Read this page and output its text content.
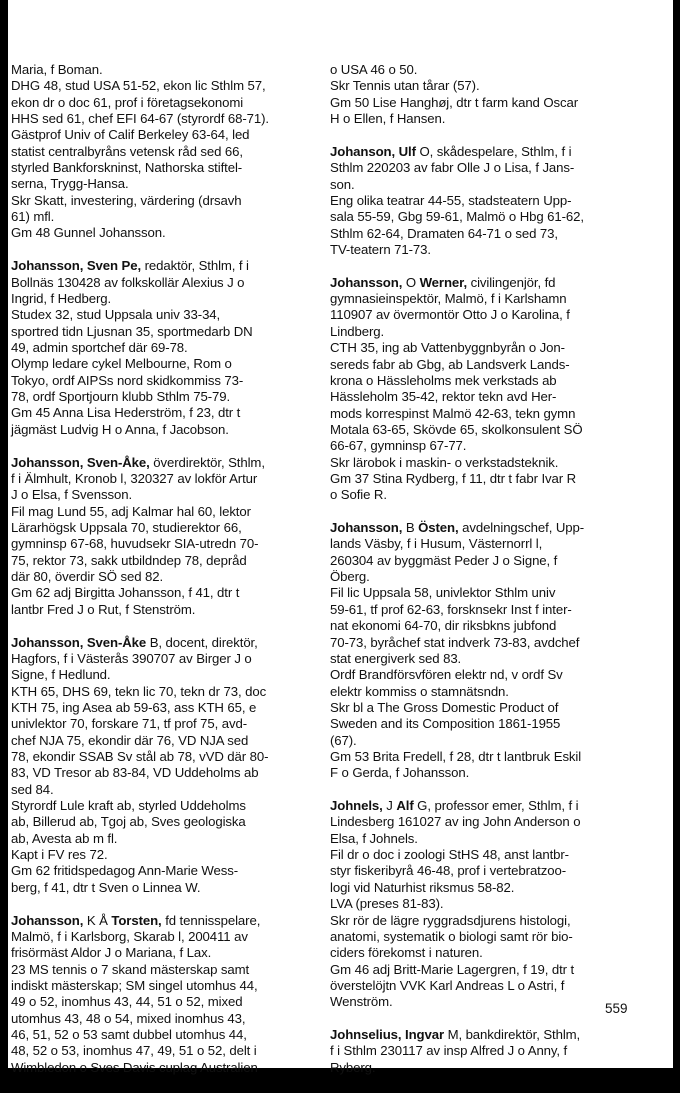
Maria, f Boman.
DHG 48, stud USA 51-52, ekon lic Sthlm 57,
ekon dr o doc 61, prof i företagsekonomi
HHS sed 61, chef EFI 64-67 (styrordf 68-71).
Gästprof Univ of Calif Berkeley 63-64, led
statist centralbyråns vetensk råd sed 66,
styrled Bankforskninst, Nathorska stiftel-
serna, Trygg-Hansa.
Skr Skatt, investering, värdering (drsavh
61) mfl.
Gm 48 Gunnel Johansson.
Johansson, Sven Pe, redaktör, Sthlm, f i
Bollnäs 130428 av folkskollär Alexius J o
Ingrid, f Hedberg.
Studex 32, stud Uppsala univ 33-34,
sportred tidn Ljusnan 35, sportmedarb DN
49, admin sportchef där 69-78.
Olymp ledare cykel Melbourne, Rom o
Tokyo, ordf AIPSs nord skidkommiss 73-
78, ordf Sportjourn klubb Sthlm 75-79.
Gm 45 Anna Lisa Hederström, f 23, dtr t
jägmäst Ludvig H o Anna, f Jacobson.
Johansson, Sven-Åke, överdirektör, Sthlm,
f i Älmhult, Kronob l, 320327 av lokför Artur
J o Elsa, f Svensson.
Fil mag Lund 55, adj Kalmar hal 60, lektor
Lärarhögsk Uppsala 70, studierektor 66,
gymninsp 67-68, huvudsekr SIA-utredn 70-
75, rektor 73, sakk utbildndep 78, depråd
där 80, överdir SÖ sed 82.
Gm 62 adj Birgitta Johansson, f 41, dtr t
lantbr Fred J o Rut, f Stenström.
Johansson, Sven-Åke B, docent, direktör,
Hagfors, f i Västerås 390707 av Birger J o
Signe, f Hedlund.
KTH 65, DHS 69, tekn lic 70, tekn dr 73, doc
KTH 75, ing Asea ab 59-63, ass KTH 65, e
univlektor 70, forskare 71, tf prof 75, avd-
chef NJA 75, ekondir där 76, VD NJA sed
78, ekondir SSAB Sv stål ab 78, vVD där 80-
83, VD Tresor ab 83-84, VD Uddeholms ab
sed 84.
Styrordf Lule kraft ab, styrled Uddeholms
ab, Billerud ab, Tgoj ab, Sves geologiska
ab, Avesta ab m fl.
Kapt i FV res 72.
Gm 62 fritidspedagog Ann-Marie Wess-
berg, f 41, dtr t Sven o Linnea W.
Johansson, K Å Torsten, fd tennisspelare,
Malmö, f i Karlsborg, Skarab l, 200411 av
frisörmäst Aldor J o Mariana, f Lax.
23 MS tennis o 7 skand mästerskap samt
indiskt mästerskap; SM singel utomhus 44,
49 o 52, inomhus 43, 44, 51 o 52, mixed
utomhus 43, 48 o 54, mixed inomhus 43,
46, 51, 52 o 53 samt dubbel utomhus 44,
48, 52 o 53, inomhus 47, 49, 51 o 52, delt i
Wimbledon o Sves Davis cuplag Australien
o USA 46 o 50.
Skr Tennis utan tårar (57).
Gm 50 Lise Hanghøj, dtr t farm kand Oscar
H o Ellen, f Hansen.
Johanson, Ulf O, skådespelare, Sthlm, f i
Sthlm 220203 av fabr Olle J o Lisa, f Jans-
son.
Eng olika teatrar 44-55, stadsteatern Upp-
sala 55-59, Gbg 59-61, Malmö o Hbg 61-62,
Sthlm 62-64, Dramaten 64-71 o sed 73,
TV-teatern 71-73.
Johansson, O Werner, civilingenjör, fd
gymnasieinspektör, Malmö, f i Karlshamn
110907 av övermontör Otto J o Karolina, f
Lindberg.
CTH 35, ing ab Vattenbyggnbyrån o Jon-
sereds fabr ab Gbg, ab Landsverk Lands-
krona o Hässleholms mek verkstads ab
Hässleholm 35-42, rektor tekn avd Her-
mods korrespinst Malmö 42-63, tekn gymn
Motala 63-65, Skövde 65, skolkonsulent SÖ
66-67, gymninsp 67-77.
Skr lärobok i maskin- o verkstadsteknik.
Gm 37 Stina Rydberg, f 11, dtr t fabr Ivar R
o Sofie R.
Johansson, B Östen, avdelningschef, Upp-
lands Väsby, f i Husum, Västernorrl l,
260304 av byggmäst Peder J o Signe, f
Öberg.
Fil lic Uppsala 58, univlektor Sthlm univ
59-61, tf prof 62-63, forsknsekr Inst f inter-
nat ekonomi 64-70, dir riksbkns jubfond
70-73, byråchef stat indverk 73-83, avdchef
stat energiverk sed 83.
Ordf Brandförsvfören elektr nd, v ordf Sv
elektr kommiss o stamnätsndn.
Skr bl a The Gross Domestic Product of
Sweden and its Composition 1861-1955
(67).
Gm 53 Brita Fredell, f 28, dtr t lantbruk Eskil
F o Gerda, f Johansson.
Johnels, J Alf G, professor emer, Sthlm, f i
Lindesberg 161027 av ing John Anderson o
Elsa, f Johnels.
Fil dr o doc i zoologi StHS 48, anst lantbr-
styr fiskeribyrå 46-48, prof i vertebratzoo-
logi vid Naturhist riksmus 58-82.
LVA (preses 81-83).
Skr rör de lägre ryggradsdjurens histologi,
anatomi, systematik o biologi samt rör bio-
ciders förekomst i naturen.
Gm 46 adj Britt-Marie Lagergren, f 19, dtr t
överstelöjtn VVK Karl Andreas L o Astri, f
Wenström.
Johnselius, Ingvar M, bankdirektör, Sthlm,
f i Sthlm 230117 av insp Alfred J o Anny, f
Ryberg.
559
